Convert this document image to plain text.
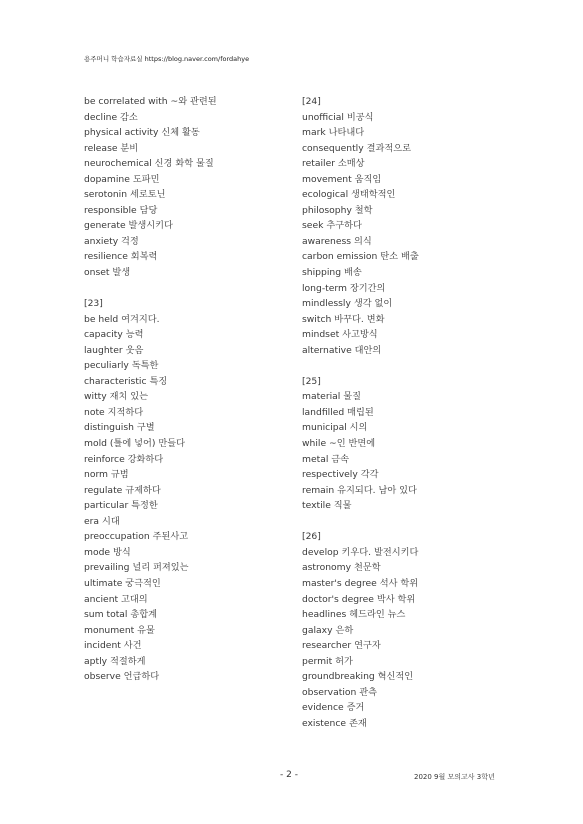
용주머니 학습자료실 https://blog.naver.com/fordahye
be correlated with ~와 관련된
decline 감소
physical activity 신체 활동
release 분비
neurochemical 신경 화학 물질
dopamine 도파민
serotonin 세로토닌
responsible 담당
generate 발생시키다
anxiety 걱정
resilience 회복력
onset 발생
[23]
be held 여겨지다.
capacity 능력
laughter 웃음
peculiarly 독특한
characteristic 특징
witty 재치 있는
note 지적하다
distinguish 구별
mold (틀에 넣어) 만들다
reinforce 강화하다
norm 규범
regulate 규제하다
particular 특정한
era 시대
preoccupation 주된사고
mode 방식
prevailing 널리 퍼져있는
ultimate 궁극적인
ancient 고대의
sum total 총합계
monument 유물
incident 사건
aptly 적절하게
observe 언급하다
[24]
unofficial 비공식
mark 나타내다
consequently 결과적으로
retailer 소매상
movement 움직임
ecological 생태학적인
philosophy 철학
seek 추구하다
awareness 의식
carbon emission 탄소 배출
shipping 배송
long-term 장기간의
mindlessly 생각 없이
switch 바꾸다. 변화
mindset 사고방식
alternative 대안의
[25]
material 물질
landfilled 매립된
municipal 시의
while ~인 반면에
metal 금속
respectively 각각
remain 유지되다. 남아 있다
textile 직물
[26]
develop 키우다. 발전시키다
astronomy 천문학
master's degree 석사 학위
doctor's degree 박사 학위
headlines 헤드라인 뉴스
galaxy 은하
researcher 연구자
permit 허가
groundbreaking 혁신적인
observation 관측
evidence 증거
existence 존재
- 2 -	2020 9월 모의고사 3학년
